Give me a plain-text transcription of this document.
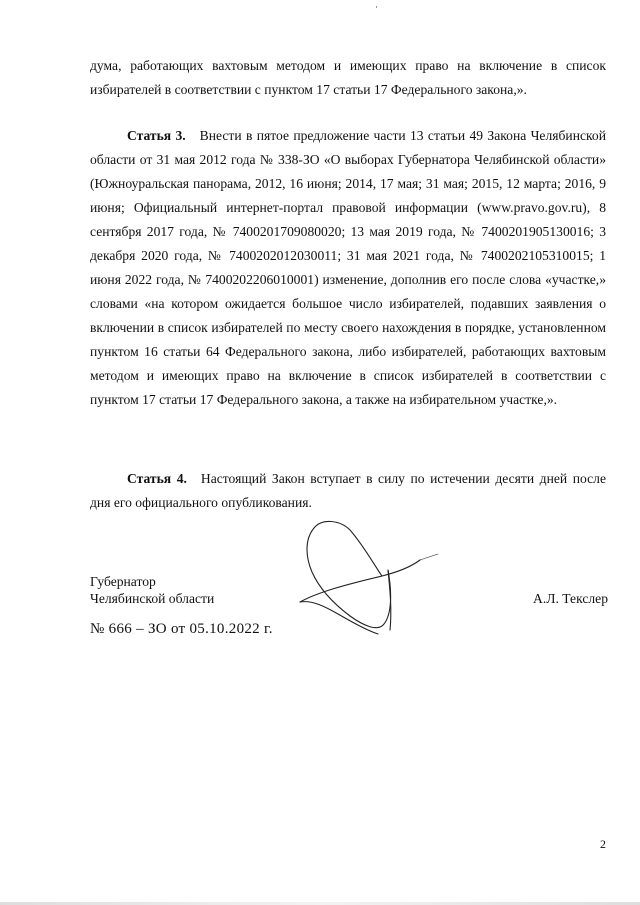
дума, работающих вахтовым методом и имеющих право на включение в список избирателей в соответствии с пунктом 17 статьи 17 Федерального закона,».
Статья 3. Внести в пятое предложение части 13 статьи 49 Закона Челябинской области от 31 мая 2012 года № 338-ЗО «О выборах Губернатора Челябинской области» (Южноуральская панорама, 2012, 16 июня; 2014, 17 мая; 31 мая; 2015, 12 марта; 2016, 9 июня; Официальный интернет-портал правовой информации (www.pravo.gov.ru), 8 сентября 2017 года, № 7400201709080020; 13 мая 2019 года, № 7400201905130016; 3 декабря 2020 года, № 7400202012030011; 31 мая 2021 года, № 7400202105310015; 1 июня 2022 года, № 7400202206010001) изменение, дополнив его после слова «участке,» словами «на котором ожидается большое число избирателей, подавших заявления о включении в список избирателей по месту своего нахождения в порядке, установленном пунктом 16 статьи 64 Федерального закона, либо избирателей, работающих вахтовым методом и имеющих право на включение в список избирателей в соответствии с пунктом 17 статьи 17 Федерального закона, а также на избирательном участке,».
Статья 4. Настоящий Закон вступает в силу по истечении десяти дней после дня его официального опубликования.
Губернатор
Челябинской области	А.Л. Текслер
№ 666 – ЗО от 05.10.2022 г.
2
